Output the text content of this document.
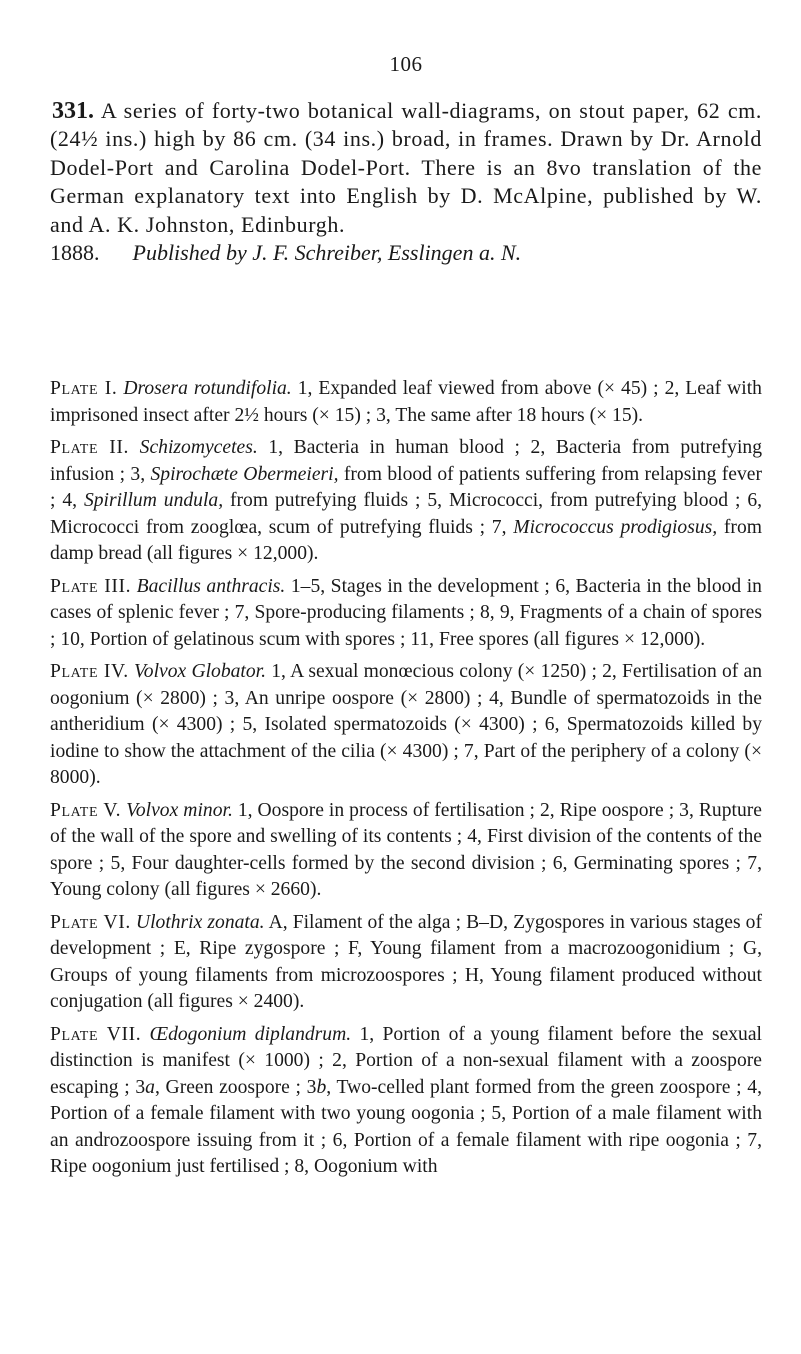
106

331. A series of forty-two botanical wall-diagrams, on stout paper, 62 cm. (24½ ins.) high by 86 cm. (34 ins.) broad, in frames. Drawn by Dr. Arnold Dodel-Port and Carolina Dodel-Port. There is an 8vo translation of the German explanatory text into English by D. McAlpine, published by W. and A. K. Johnston, Edinburgh.
1888. Published by J. F. Schreiber, Esslingen a. N.

Plate I. Drosera rotundifolia. 1, Expanded leaf viewed from above (× 45) ; 2, Leaf with imprisoned insect after 2½ hours (× 15) ; 3, The same after 18 hours (× 15).

Plate II. Schizomycetes. 1, Bacteria in human blood ; 2, Bacteria from putrefying infusion ; 3, Spirochæte Obermeieri, from blood of patients suffering from relapsing fever ; 4, Spirillum undula, from putrefying fluids ; 5, Micrococci, from putrefying blood ; 6, Micrococci from zooglœa, scum of putrefying fluids ; 7, Micrococcus prodigiosus, from damp bread (all figures × 12,000).

Plate III. Bacillus anthracis. 1–5, Stages in the development ; 6, Bacteria in the blood in cases of splenic fever ; 7, Spore-producing filaments ; 8, 9, Fragments of a chain of spores ; 10, Portion of gelatinous scum with spores ; 11, Free spores (all figures × 12,000).

Plate IV. Volvox Globator. 1, A sexual monœcious colony (× 1250) ; 2, Fertilisation of an oogonium (× 2800) ; 3, An unripe oospore (× 2800) ; 4, Bundle of spermatozoids in the antheridium (× 4300) ; 5, Isolated spermatozoids (× 4300) ; 6, Spermatozoids killed by iodine to show the attachment of the cilia (× 4300) ; 7, Part of the periphery of a colony (× 8000).

Plate V. Volvox minor. 1, Oospore in process of fertilisation ; 2, Ripe oospore ; 3, Rupture of the wall of the spore and swelling of its contents ; 4, First division of the contents of the spore ; 5, Four daughter-cells formed by the second division ; 6, Germinating spores ; 7, Young colony (all figures × 2660).

Plate VI. Ulothrix zonata. A, Filament of the alga ; B–D, Zygospores in various stages of development ; E, Ripe zygospore ; F, Young filament from a macrozoogonidium ; G, Groups of young filaments from microzoospores ; H, Young filament produced without conjugation (all figures × 2400).

Plate VII. Œdogonium diplandrum. 1, Portion of a young filament before the sexual distinction is manifest (× 1000) ; 2, Portion of a non-sexual filament with a zoospore escaping ; 3a, Green zoospore ; 3b, Two-celled plant formed from the green zoospore ; 4, Portion of a female filament with two young oogonia ; 5, Portion of a male filament with an androzoospore issuing from it ; 6, Portion of a female filament with ripe oogonia ; 7, Ripe oogonium just fertilised ; 8, Oogonium with
